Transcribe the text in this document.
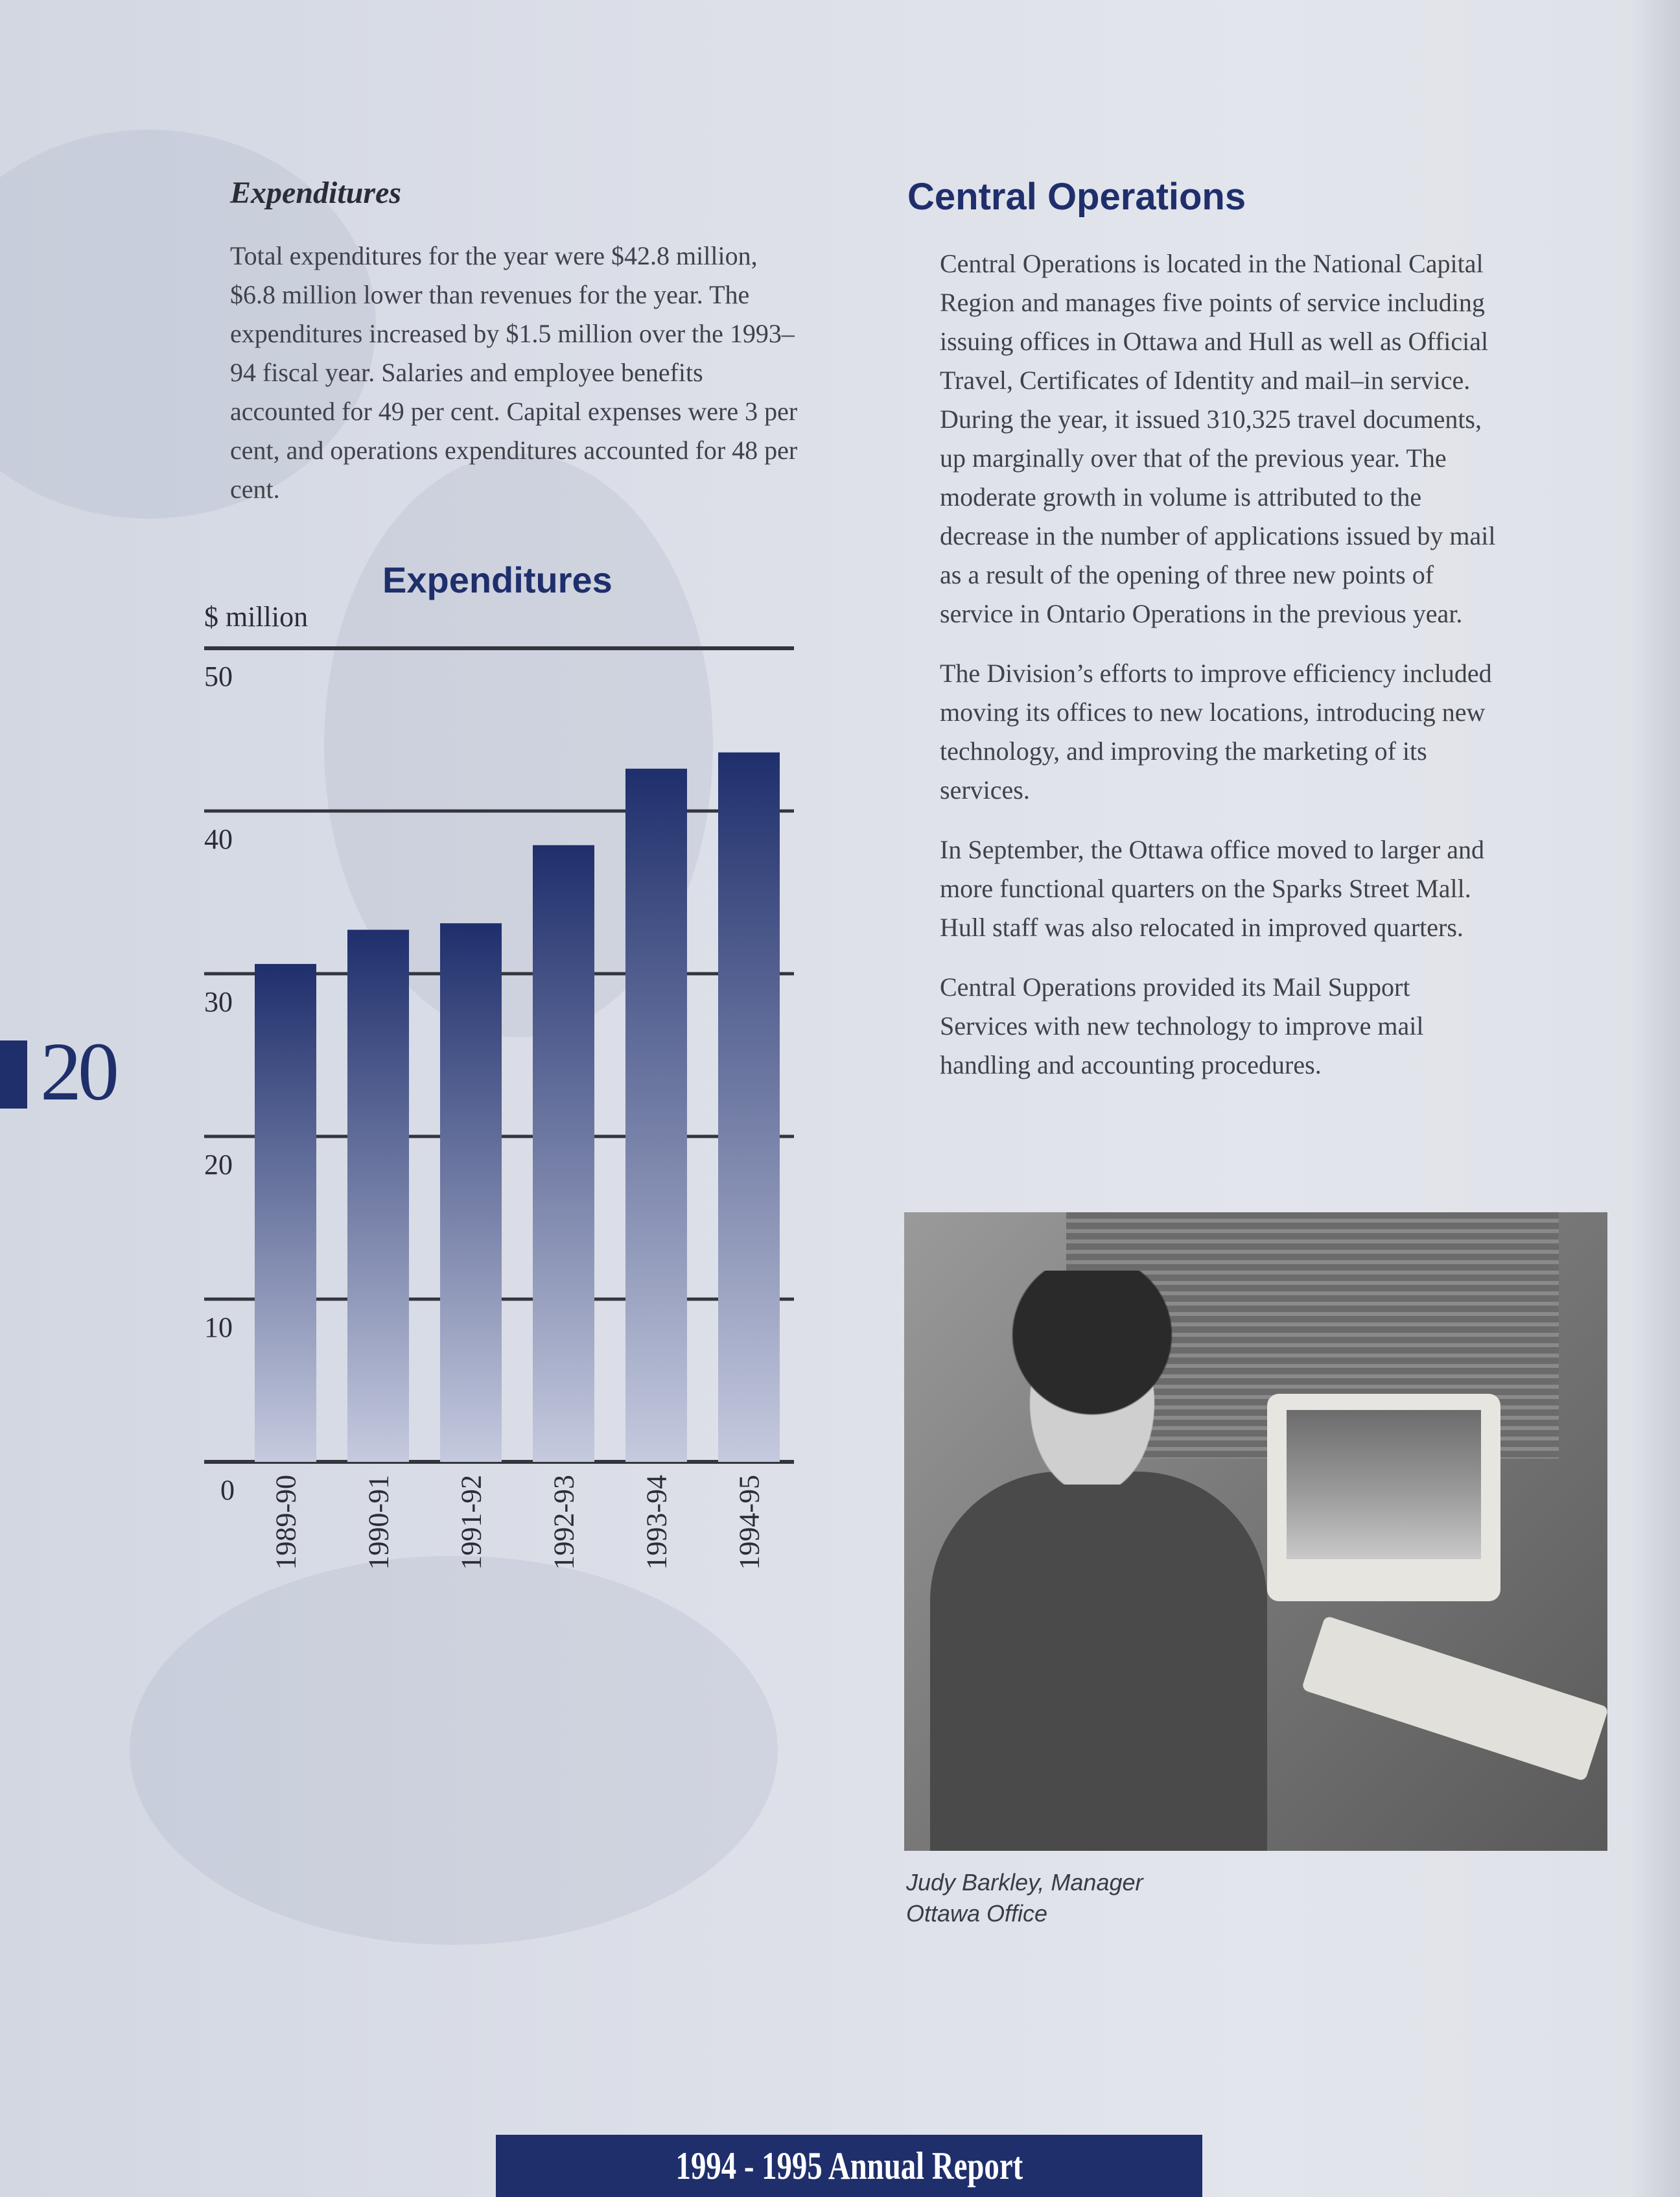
Expenditures

Total expenditures for the year were $42.8 million, $6.8 million lower than revenues for the year. The expenditures increased by $1.5 million over the 1993–94 fiscal year. Salaries and employee benefits accounted for 49 per cent. Capital expenses were 3 per cent, and operations expenditures accounted for 48 per cent.

Expenditures
$ million
0
10
20
30
40
50
1989-90 1990-91 1991-92 1992-93 1993-94 1994-95
Central Operations

Central Operations is located in the National Capital Region and manages five points of service including issuing offices in Ottawa and Hull as well as Official Travel, Certificates of Identity and mail–in service. During the year, it issued 310,325 travel documents, up marginally over that of the previous year. The moderate growth in volume is attributed to the decrease in the number of applications issued by mail as a result of the opening of three new points of service in Ontario Operations in the previous year.

The Division’s efforts to improve efficiency included moving its offices to new locations, introducing new technology, and improving the marketing of its services.

In September, the Ottawa office moved to larger and more functional quarters on the Sparks Street Mall. Hull staff was also relocated in improved quarters.

Central Operations provided its Mail Support Services with new technology to improve mail handling and accounting procedures.

Judy Barkley, Manager
Ottawa Office
20
1994 - 1995 Annual Report
